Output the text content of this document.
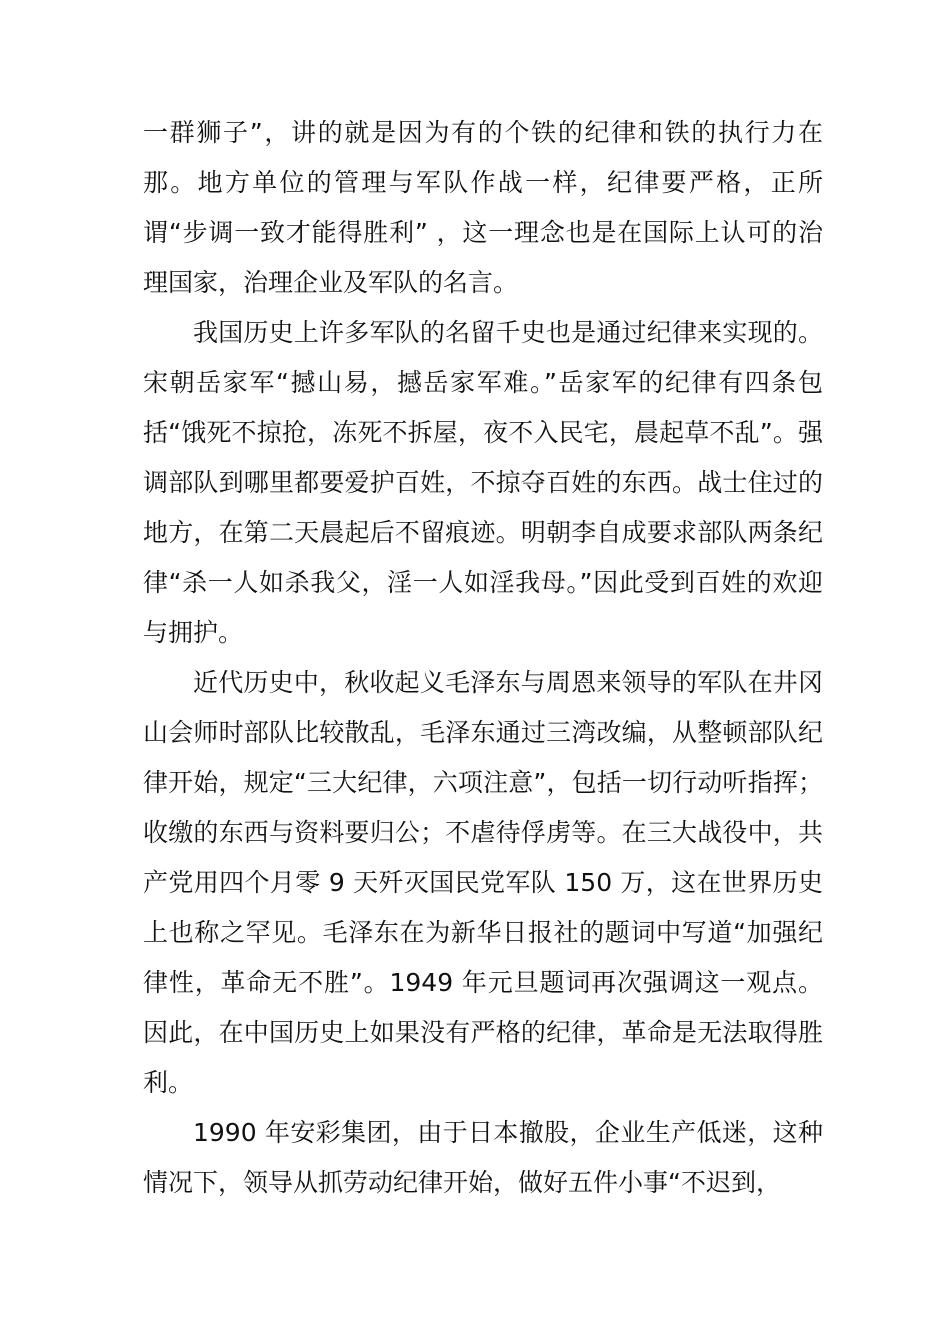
一群狮子”，讲的就是因为有的个铁的纪律和铁的执行力在那。地方单位的管理与军队作战一样，纪律要严格，正所谓“步调一致才能得胜利” ，这一理念也是在国际上认可的治理国家，治理企业及军队的名言。

我国历史上许多军队的名留千史也是通过纪律来实现的。宋朝岳家军“撼山易，撼岳家军难。”岳家军的纪律有四条包括“饿死不掠抢，冻死不拆屋，夜不入民宅，晨起草不乱”。强调部队到哪里都要爱护百姓，不掠夺百姓的东西。战士住过的地方，在第二天晨起后不留痕迹。明朝李自成要求部队两条纪律“杀一人如杀我父，淫一人如淫我母。”因此受到百姓的欢迎与拥护。

近代历史中，秋收起义毛泽东与周恩来领导的军队在井冈山会师时部队比较散乱，毛泽东通过三湾改编，从整顿部队纪律开始，规定“三大纪律，六项注意”，包括一切行动听指挥；收缴的东西与资料要归公；不虐待俘虏等。在三大战役中，共产党用四个月零 9 天歼灭国民党军队 150 万，这在世界历史上也称之罕见。毛泽东在为新华日报社的题词中写道“加强纪律性，革命无不胜”。1949 年元旦题词再次强调这一观点。因此，在中国历史上如果没有严格的纪律，革命是无法取得胜利。

1990 年安彩集团，由于日本撤股，企业生产低迷，这种情况下，领导从抓劳动纪律开始，做好五件小事“不迟到，
